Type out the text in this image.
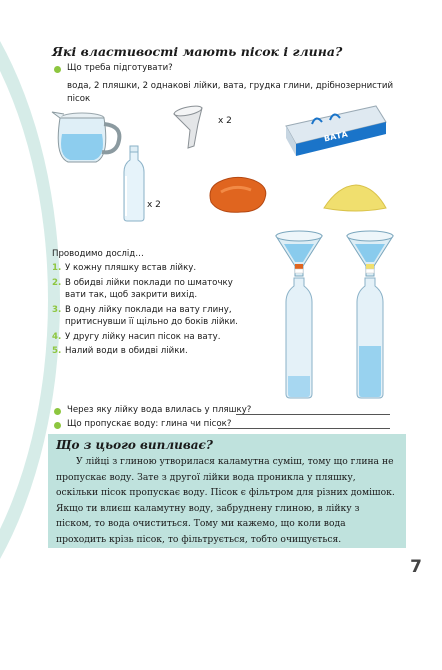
Які властивості мають пісок і глина?
Що треба підготувати?
вода, 2 пляшки, 2 однакові лійки, вата, грудка глини, дрібнозернистий пісок
х 2
ВАТА
х 2
Проводимо дослід…
1. У кожну пляшку встав лійку.
2. В обидві лійки поклади по шматочку вати так, щоб закрити вихід.
3. В одну лійку поклади на вату глину, притиснувши її щільно до боків лійки.
4. У другу лійку насип пісок на вату.
5. Налий води в обидві лійки.
Через яку лійку вода влилась у пляшку?
Що пропускає воду: глина чи пісок?
Що з цього випливає?

У лійці з глиною утворилася каламутна суміш, тому що глина не пропускає воду. Зате з другої лійки вода проникла у пляшку, оскільки пісок пропускає воду. Пісок є фільтром для різних домішок. Якщо ти влиєш каламутну воду, забруднену глиною, в лійку з піском, то вода очиститься. Тому ми кажемо, що коли вода проходить крізь пісок, то фільтрується, тобто очищується.

7
